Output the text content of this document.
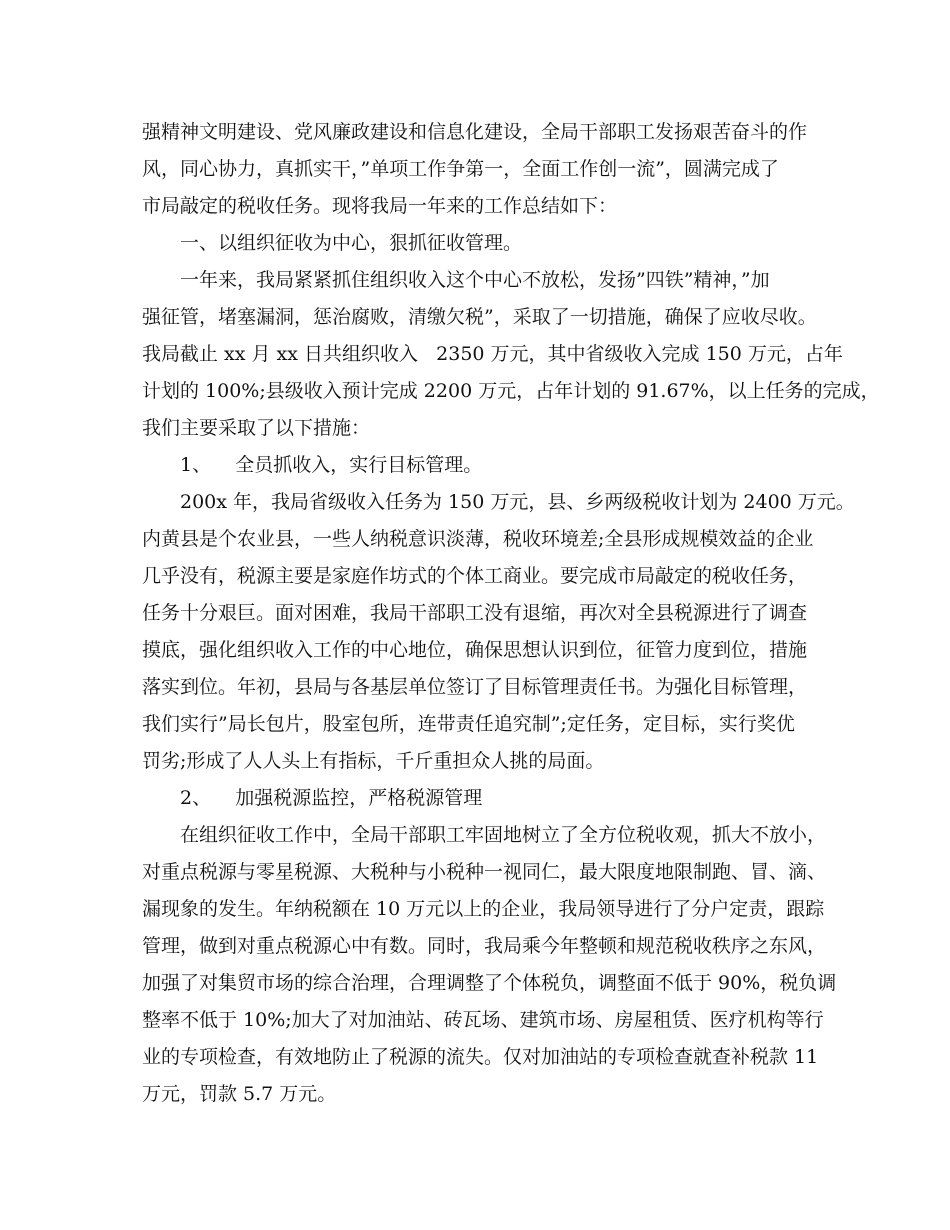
强精神文明建设、党风廉政建设和信息化建设，全局干部职工发扬艰苦奋斗的作
风，同心协力，真抓实干，”单项工作争第一，全面工作创一流”，圆满完成了
市局敲定的税收任务。现将我局一年来的工作总结如下：
一、以组织征收为中心，狠抓征收管理。
一年来，我局紧紧抓住组织收入这个中心不放松，发扬”四铁”精神，”加
强征管，堵塞漏洞，惩治腐败，清缴欠税”，采取了一切措施，确保了应收尽收。
我局截止 xx 月 xx 日共组织收入   2350 万元，其中省级收入完成 150 万元，占年
计划的 100%;县级收入预计完成 2200 万元，占年计划的 91.67%，以上任务的完成，
我们主要采取了以下措施：
1、    全员抓收入，实行目标管理。
200x 年，我局省级收入任务为 150 万元，县、乡两级税收计划为 2400 万元。
内黄县是个农业县，一些人纳税意识淡薄，税收环境差;全县形成规模效益的企业
几乎没有，税源主要是家庭作坊式的个体工商业。要完成市局敲定的税收任务，
任务十分艰巨。面对困难，我局干部职工没有退缩，再次对全县税源进行了调查
摸底，强化组织收入工作的中心地位，确保思想认识到位，征管力度到位，措施
落实到位。年初，县局与各基层单位签订了目标管理责任书。为强化目标管理，
我们实行”局长包片，股室包所，连带责任追究制”;定任务，定目标，实行奖优
罚劣;形成了人人头上有指标，千斤重担众人挑的局面。
2、    加强税源监控，严格税源管理
在组织征收工作中，全局干部职工牢固地树立了全方位税收观，抓大不放小，
对重点税源与零星税源、大税种与小税种一视同仁，最大限度地限制跑、冒、滴、
漏现象的发生。年纳税额在 10 万元以上的企业，我局领导进行了分户定责，跟踪
管理，做到对重点税源心中有数。同时，我局乘今年整顿和规范税收秩序之东风，
加强了对集贸市场的综合治理，合理调整了个体税负，调整面不低于 90%，税负调
整率不低于 10%;加大了对加油站、砖瓦场、建筑市场、房屋租赁、医疗机构等行
业的专项检查，有效地防止了税源的流失。仅对加油站的专项检查就查补税款 11
万元，罚款 5.7 万元。
